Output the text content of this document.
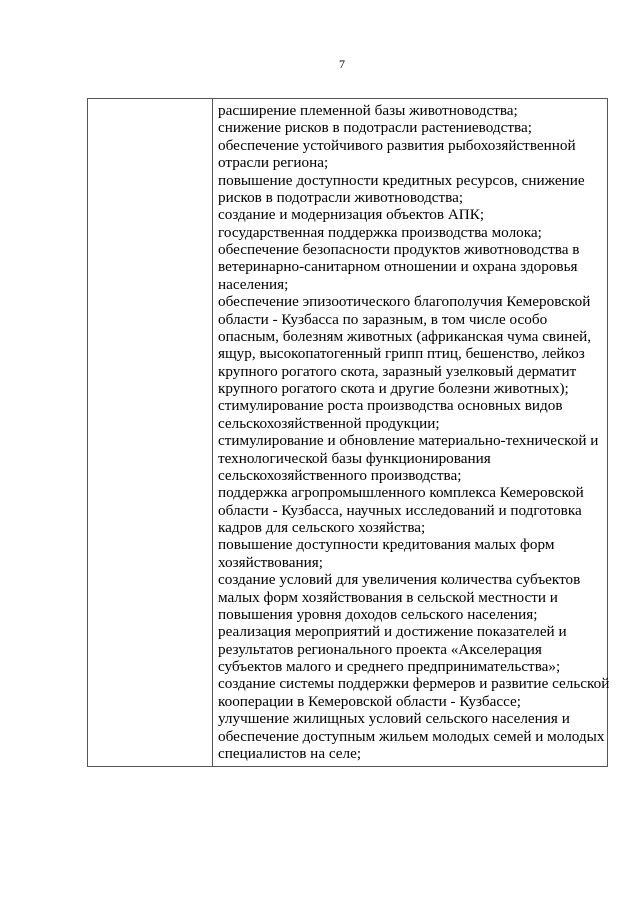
7
расширение племенной базы животноводства;
снижение рисков в подотрасли растениеводства;
обеспечение устойчивого развития рыбохозяйственной
отрасли региона;
повышение доступности кредитных ресурсов, снижение
рисков в подотрасли животноводства;
создание и модернизация объектов АПК;
государственная поддержка производства молока;
обеспечение безопасности продуктов животноводства в
ветеринарно-санитарном отношении и охрана здоровья
населения;
обеспечение эпизоотического благополучия Кемеровской
области - Кузбасса по заразным, в том числе особо
опасным, болезням животных (африканская чума свиней,
ящур, высокопатогенный грипп птиц, бешенство, лейкоз
крупного рогатого скота, заразный узелковый дерматит
крупного рогатого скота и другие болезни животных);
стимулирование роста производства основных видов
сельскохозяйственной продукции;
стимулирование и обновление материально-технической и
технологической базы функционирования
сельскохозяйственного производства;
поддержка агропромышленного комплекса Кемеровской
области - Кузбасса, научных исследований и подготовка
кадров для сельского хозяйства;
повышение доступности кредитования малых форм
хозяйствования;
создание условий для увеличения количества субъектов
малых форм хозяйствования в сельской местности и
повышения уровня доходов сельского населения;
реализация мероприятий и достижение показателей и
результатов регионального проекта «Акселерация
субъектов малого и среднего предпринимательства»;
создание системы поддержки фермеров и развитие сельской
кооперации в Кемеровской области - Кузбассе;
улучшение жилищных условий сельского населения и
обеспечение доступным жильем молодых семей и молодых
специалистов на селе;
